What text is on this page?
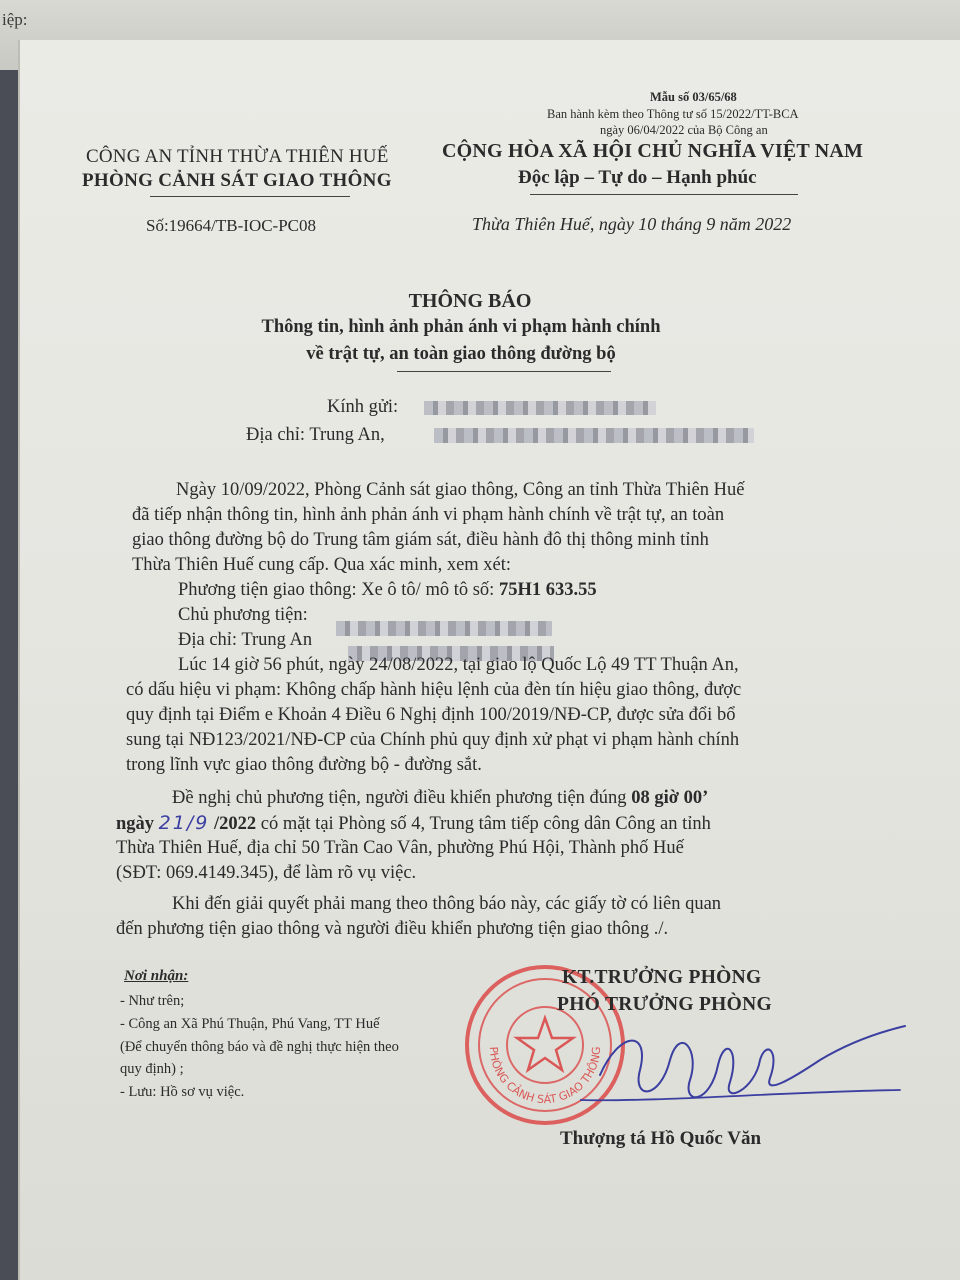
iệp:
Mẫu số 03/65/68
Ban hành kèm theo Thông tư số 15/2022/TT-BCA
ngày 06/04/2022 của Bộ Công an
CÔNG AN TỈNH THỪA THIÊN HUẾ
PHÒNG CẢNH SÁT GIAO THÔNG
CỘNG HÒA XÃ HỘI CHỦ NGHĨA VIỆT NAM
Độc lập – Tự do – Hạnh phúc
Số:19664/TB-IOC-PC08	Thừa Thiên Huế, ngày 10 tháng 9 năm 2022
THÔNG BÁO
Thông tin, hình ảnh phản ánh vi phạm hành chính
về trật tự, an toàn giao thông đường bộ
Kính gửi:
Địa chỉ: Trung An,
Ngày 10/09/2022, Phòng Cảnh sát giao thông, Công an tỉnh Thừa Thiên Huế
đã tiếp nhận thông tin, hình ảnh phản ánh vi phạm hành chính về trật tự, an toàn
giao thông đường bộ do Trung tâm giám sát, điều hành đô thị thông minh tỉnh
Thừa Thiên Huế cung cấp. Qua xác minh, xem xét:
Phương tiện giao thông: Xe ô tô/ mô tô số: 75H1 633.55
Chủ phương tiện:
Địa chỉ: Trung An
Lúc 14 giờ 56 phút, ngày 24/08/2022, tại giao lộ Quốc Lộ 49 TT Thuận An,
có dấu hiệu vi phạm: Không chấp hành hiệu lệnh của đèn tín hiệu giao thông, được
quy định tại Điểm e Khoản 4 Điều 6 Nghị định 100/2019/NĐ-CP, được sửa đổi bổ
sung tại NĐ123/2021/NĐ-CP của Chính phủ quy định xử phạt vi phạm hành chính
trong lĩnh vực giao thông đường bộ - đường sắt.
Đề nghị chủ phương tiện, người điều khiển phương tiện đúng 08 giờ 00’
ngày 21/9 /2022 có mặt tại Phòng số 4, Trung tâm tiếp công dân Công an tỉnh
Thừa Thiên Huế, địa chỉ 50 Trần Cao Vân, phường Phú Hội, Thành phố Huế
(SĐT: 069.4149.345), để làm rõ vụ việc.
Khi đến giải quyết phải mang theo thông báo này, các giấy tờ có liên quan
đến phương tiện giao thông và người điều khiển phương tiện giao thông ./.
Nơi nhận:
- Như trên;
- Công an Xã Phú Thuận, Phú Vang, TT Huế
(Để chuyển thông báo và đề nghị thực hiện theo
quy định) ;
- Lưu: Hồ sơ vụ việc.
PHÒNG CẢNH SÁT GIAO THÔNG
KT.TRƯỞNG PHÒNG
PHÓ TRƯỞNG PHÒNG
Thượng tá Hồ Quốc Văn
